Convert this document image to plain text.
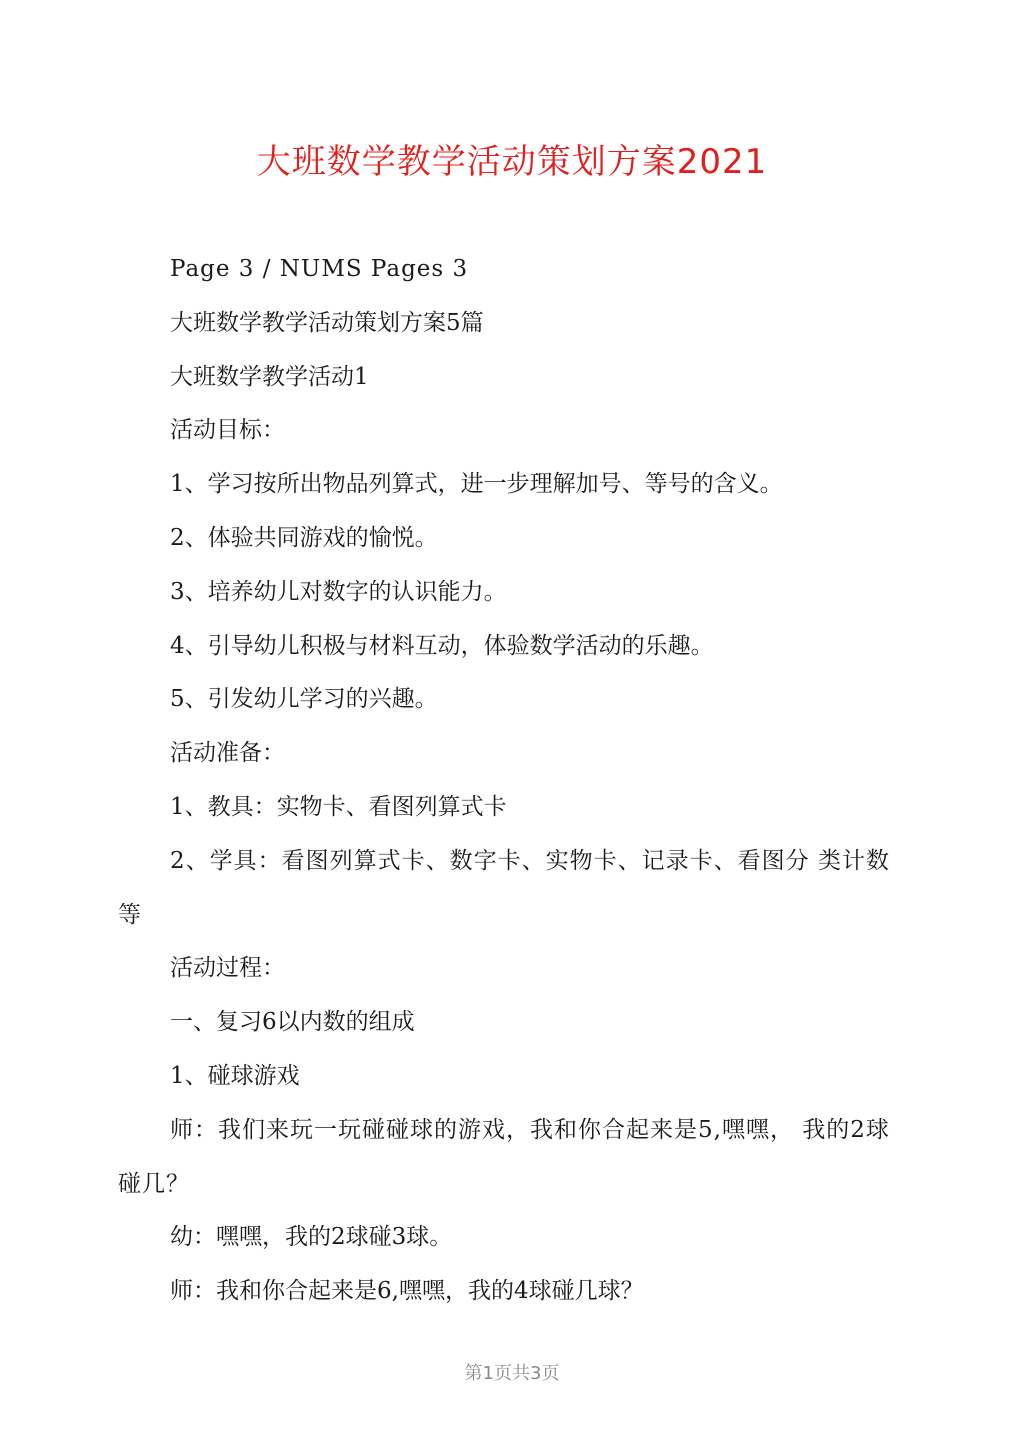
大班数学教学活动策划方案2021

Page 3 / NUMS Pages 3

大班数学教学活动策划方案5篇

大班数学教学活动1

活动目标：

1、学习按所出物品列算式，进一步理解加号、等号的含义。

2、体验共同游戏的愉悦。

3、培养幼儿对数字的认识能力。

4、引导幼儿积极与材料互动，体验数学活动的乐趣。

5、引发幼儿学习的兴趣。

活动准备：

1、教具：实物卡、看图列算式卡

2、学具：看图列算式卡、数字卡、实物卡、记录卡、看图分 类计数等

活动过程：

一、复习6以内数的组成

1、碰球游戏

师：我们来玩一玩碰碰球的游戏，我和你合起来是5,嘿嘿， 我的2球碰几？

幼：嘿嘿，我的2球碰3球。

师：我和你合起来是6,嘿嘿，我的4球碰几球？

第1页共3页
